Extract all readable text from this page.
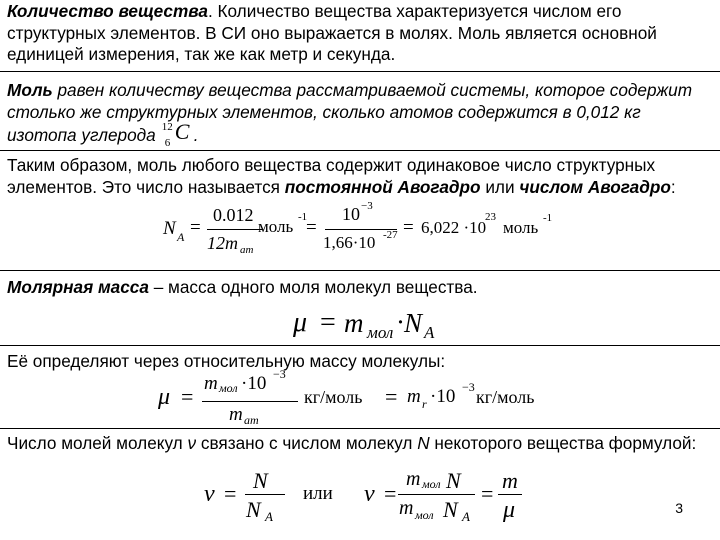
Количество вещества. Количество вещества характеризуется числом его структурных элементов. В СИ оно выражается в молях. Моль является основной единицей измерения, так же как метр и секунда.

Моль равен количеству вещества рассматриваемой системы, которое содержит столько же структурных элементов, сколько атомов содержится в 0,012 кг изотопа углерода 12
6 C .

Таким образом, моль любого вещества содержит одинаковое число структурных элементов. Это число называется постоянной Авогадро или числом Авогадро:

N A =
0.012
12m ат
моль -1
=
10 −3
1,66·10 -27 = 6,022 ·10
23
моль -1

Молярная масса – масса одного моля молекул вещества.

μ = m мол · N A

Её определяют через относительную массу молекулы:

μ =
m мол ·10 −3
m ат
кг/моль = m r ·10 −3 кг/моль

Число молей молекул ν связано с числом молекул N некоторого вещества формулой:

ν =
N
N A
или ν =
m мол N
m мол N A
=
m
μ	3
